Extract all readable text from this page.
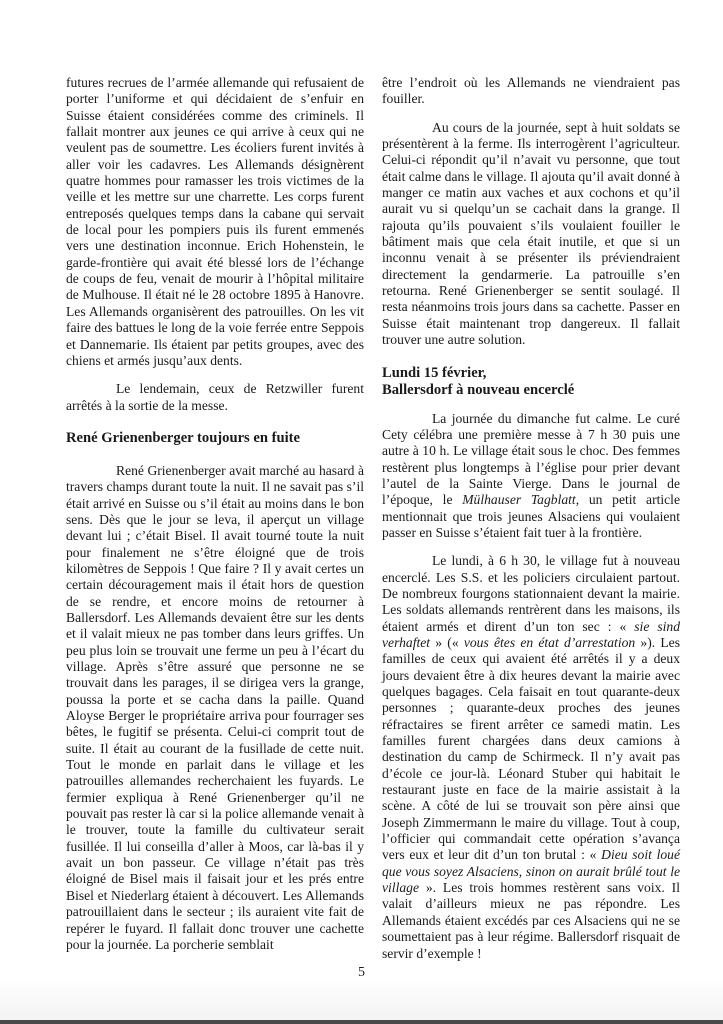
futures recrues de l’armée allemande qui refusaient de porter l’uniforme et qui décidaient de s’enfuir en Suisse étaient considérées comme des criminels. Il fallait montrer aux jeunes ce qui arrive à ceux qui ne veulent pas de soumettre. Les écoliers furent invités à aller voir les cadavres. Les Allemands désignèrent quatre hommes pour ramasser les trois victimes de la veille et les mettre sur une charrette. Les corps furent entreposés quelques temps dans la cabane qui servait de local pour les pompiers puis ils furent emmenés vers une destination inconnue. Erich Hohenstein, le garde-frontière qui avait été blessé lors de l’échange de coups de feu, venait de mourir à l’hôpital militaire de Mulhouse. Il était né le 28 octobre 1895 à Hanovre. Les Allemands organisèrent des patrouilles. On les vit faire des battues le long de la voie ferrée entre Seppois et Dannemarie. Ils étaient par petits groupes, avec des chiens et armés jusqu’aux dents.

Le lendemain, ceux de Retzwiller furent arrêtés à la sortie de la messe.

René Grienenberger toujours en fuite

René Grienenberger avait marché au hasard à travers champs durant toute la nuit. Il ne savait pas s’il était arrivé en Suisse ou s’il était au moins dans le bon sens. Dès que le jour se leva, il aperçut un village devant lui ; c’était Bisel. Il avait tourné toute la nuit pour finalement ne s’être éloigné que de trois kilomètres de Seppois ! Que faire ? Il y avait certes un certain découragement mais il était hors de question de se rendre, et encore moins de retourner à Ballersdorf. Les Allemands devaient être sur les dents et il valait mieux ne pas tomber dans leurs griffes. Un peu plus loin se trouvait une ferme un peu à l’écart du village. Après s’être assuré que personne ne se trouvait dans les parages, il se dirigea vers la grange, poussa la porte et se cacha dans la paille. Quand Aloyse Berger le propriétaire arriva pour fourrager ses bêtes, le fugitif se présenta. Celui-ci comprit tout de suite. Il était au courant de la fusillade de cette nuit. Tout le monde en parlait dans le village et les patrouilles allemandes recherchaient les fuyards. Le fermier expliqua à René Grienenberger qu’il ne pouvait pas rester là car si la police allemande venait à le trouver, toute la famille du cultivateur serait fusillée. Il lui conseilla d’aller à Moos, car là-bas il y avait un bon passeur. Ce village n’était pas très éloigné de Bisel mais il faisait jour et les prés entre Bisel et Niederlarg étaient à découvert. Les Allemands patrouillaient dans le secteur ; ils auraient vite fait de repérer le fuyard. Il fallait donc trouver une cachette pour la journée. La porcherie semblait

être l’endroit où les Allemands ne viendraient pas fouiller.

Au cours de la journée, sept à huit soldats se présentèrent à la ferme. Ils interrogèrent l’agriculteur. Celui-ci répondit qu’il n’avait vu personne, que tout était calme dans le village. Il ajouta qu’il avait donné à manger ce matin aux vaches et aux cochons et qu’il aurait vu si quelqu’un se cachait dans la grange. Il rajouta qu’ils pouvaient s’ils voulaient fouiller le bâtiment mais que cela était inutile, et que si un inconnu venait à se présenter ils préviendraient directement la gendarmerie. La patrouille s’en retourna. René Grienenberger se sentit soulagé. Il resta néanmoins trois jours dans sa cachette. Passer en Suisse était maintenant trop dangereux. Il fallait trouver une autre solution.

Lundi 15 février,
Ballersdorf à nouveau encerclé

La journée du dimanche fut calme. Le curé Cety célébra une première messe à 7 h 30 puis une autre à 10 h. Le village était sous le choc. Des femmes restèrent plus longtemps à l’église pour prier devant l’autel de la Sainte Vierge. Dans le journal de l’époque, le Mülhauser Tagblatt, un petit article mentionnait que trois jeunes Alsaciens qui voulaient passer en Suisse s’étaient fait tuer à la frontière.

Le lundi, à 6 h 30, le village fut à nouveau encerclé. Les S.S. et les policiers circulaient partout. De nombreux fourgons stationnaient devant la mairie. Les soldats allemands rentrèrent dans les maisons, ils étaient armés et dirent d’un ton sec : « sie sind verhaftet » (« vous êtes en état d’arrestation »). Les familles de ceux qui avaient été arrêtés il y a deux jours devaient être à dix heures devant la mairie avec quelques bagages. Cela faisait en tout quarante-deux personnes ; quarante-deux proches des jeunes réfractaires se firent arrêter ce samedi matin. Les familles furent chargées dans deux camions à destination du camp de Schirmeck. Il n’y avait pas d’école ce jour-là. Léonard Stuber qui habitait le restaurant juste en face de la mairie assistait à la scène. A côté de lui se trouvait son père ainsi que Joseph Zimmermann le maire du village. Tout à coup, l’officier qui commandait cette opération s’avança vers eux et leur dit d’un ton brutal : « Dieu soit loué que vous soyez Alsaciens, sinon on aurait brûlé tout le village ». Les trois hommes restèrent sans voix. Il valait d’ailleurs mieux ne pas répondre. Les Allemands étaient excédés par ces Alsaciens qui ne se soumettaient pas à leur régime. Ballersdorf risquait de servir d’exemple !

5
